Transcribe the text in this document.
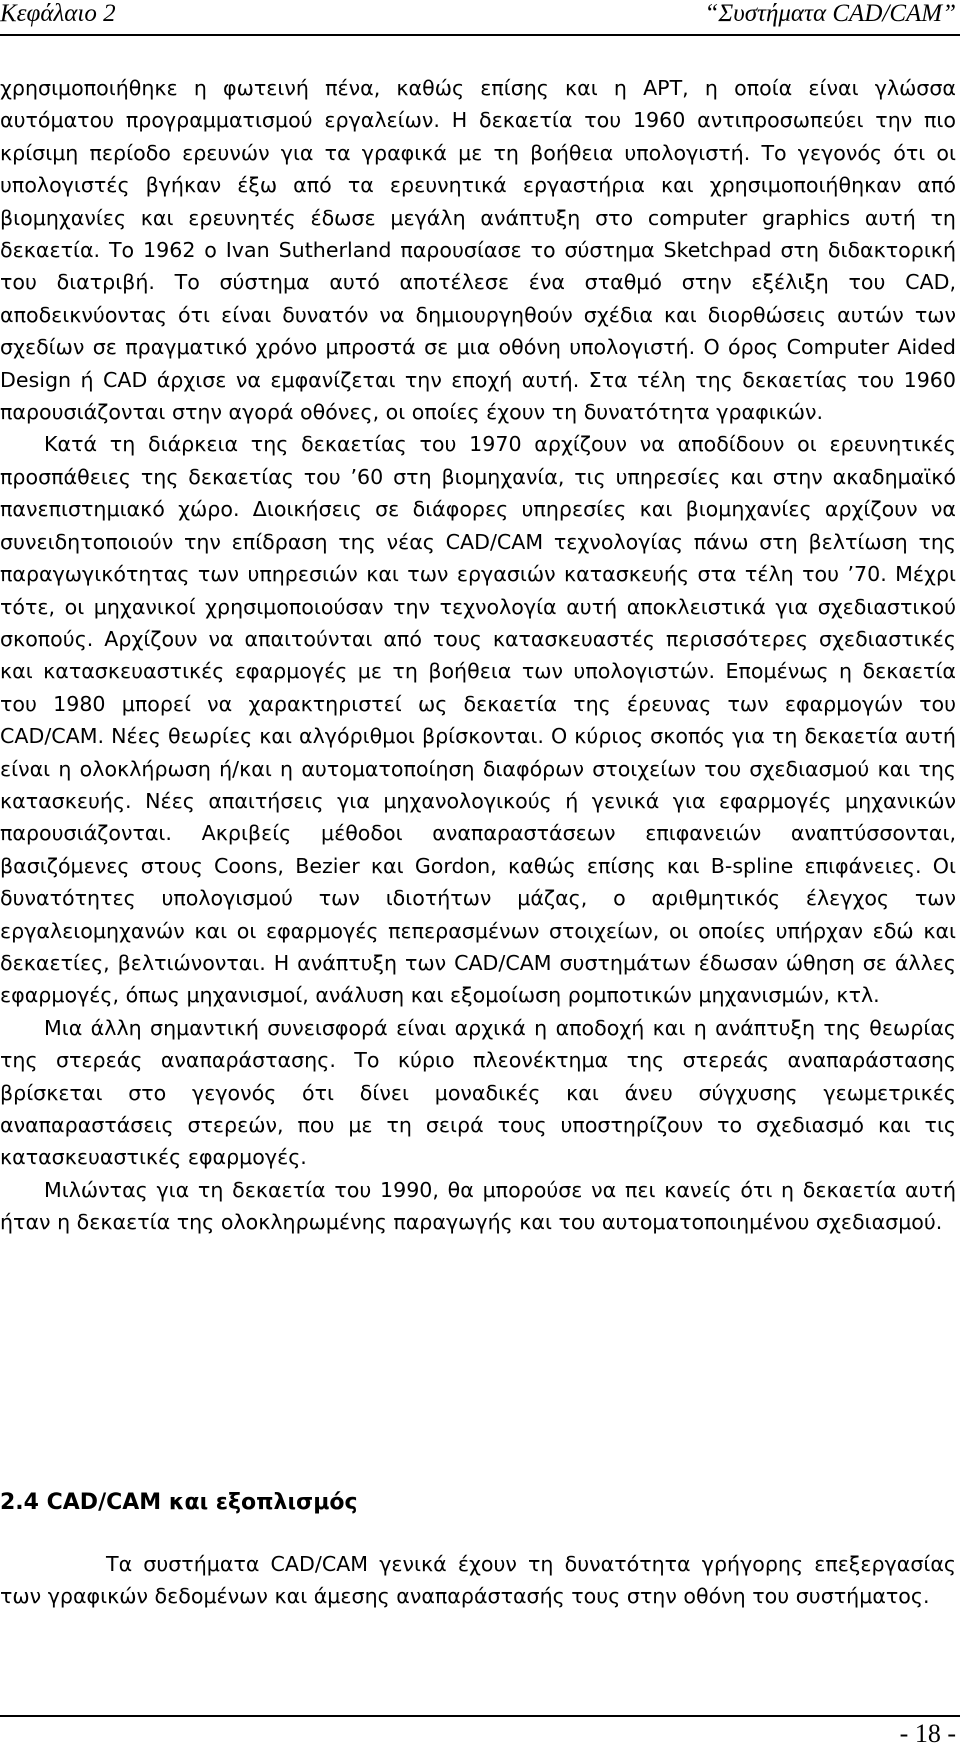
Κεφάλαιο 2	“Συστήματα CAD/CAM”

χρησιμοποιήθηκε η φωτεινή πένα, καθώς επίσης και η APT, η οποία είναι γλώσσα αυτόματου προγραμματισμού εργαλείων. Η δεκαετία του 1960 αντιπροσωπεύει την πιο κρίσιμη περίοδο ερευνών για τα γραφικά με τη βοήθεια υπολογιστή. Το γεγονός ότι οι υπολογιστές βγήκαν έξω από τα ερευνητικά εργαστήρια και χρησιμοποιήθηκαν από βιομηχανίες και ερευνητές έδωσε μεγάλη ανάπτυξη στο computer graphics αυτή τη δεκαετία. Το 1962 ο Ivan Sutherland παρουσίασε το σύστημα Sketchpad στη διδακτορική του διατριβή. Το σύστημα αυτό αποτέλεσε ένα σταθμό στην εξέλιξη του CAD, αποδεικνύοντας ότι είναι δυνατόν να δημιουργηθούν σχέδια και διορθώσεις αυτών των σχεδίων σε πραγματικό χρόνο μπροστά σε μια οθόνη υπολογιστή. Ο όρος Computer Aided Design ή CAD άρχισε να εμφανίζεται την εποχή αυτή. Στα τέλη της δεκαετίας του 1960 παρουσιάζονται στην αγορά οθόνες, οι οποίες έχουν τη δυνατότητα γραφικών.

Κατά τη διάρκεια της δεκαετίας του 1970 αρχίζουν να αποδίδουν οι ερευνητικές προσπάθειες της δεκαετίας του ’60 στη βιομηχανία, τις υπηρεσίες και στην ακαδημαϊκό πανεπιστημιακό χώρο. Διοικήσεις σε διάφορες υπηρεσίες και βιομηχανίες αρχίζουν να συνειδητοποιούν την επίδραση της νέας CAD/CAM τεχνολογίας πάνω στη βελτίωση της παραγωγικότητας των υπηρεσιών και των εργασιών κατασκευής στα τέλη του ’70. Μέχρι τότε, οι μηχανικοί χρησιμοποιούσαν την τεχνολογία αυτή αποκλειστικά για σχεδιαστικού σκοπούς. Αρχίζουν να απαιτούνται από τους κατασκευαστές περισσότερες σχεδιαστικές και κατασκευαστικές εφαρμογές με τη βοήθεια των υπολογιστών. Επομένως η δεκαετία του 1980 μπορεί να χαρακτηριστεί ως δεκαετία της έρευνας των εφαρμογών του CAD/CAM. Νέες θεωρίες και αλγόριθμοι βρίσκονται. Ο κύριος σκοπός για τη δεκαετία αυτή είναι η ολοκλήρωση ή/και η αυτοματοποίηση διαφόρων στοιχείων του σχεδιασμού και της κατασκευής. Νέες απαιτήσεις για μηχανολογικούς ή γενικά για εφαρμογές μηχανικών παρουσιάζονται. Ακριβείς μέθοδοι αναπαραστάσεων επιφανειών αναπτύσσονται, βασιζόμενες στους Coons, Bezier και Gordon, καθώς επίσης και B-spline επιφάνειες. Οι δυνατότητες υπολογισμού των ιδιοτήτων μάζας, ο αριθμητικός έλεγχος των εργαλειομηχανών και οι εφαρμογές πεπερασμένων στοιχείων, οι οποίες υπήρχαν εδώ και δεκαετίες, βελτιώνονται. Η ανάπτυξη των CAD/CAM συστημάτων έδωσαν ώθηση σε άλλες εφαρμογές, όπως μηχανισμοί, ανάλυση και εξομοίωση ρομποτικών μηχανισμών, κτλ.

Μια άλλη σημαντική συνεισφορά είναι αρχικά η αποδοχή και η ανάπτυξη της θεωρίας της στερεάς αναπαράστασης. Το κύριο πλεονέκτημα της στερεάς αναπαράστασης βρίσκεται στο γεγονός ότι δίνει μοναδικές και άνευ σύγχυσης γεωμετρικές αναπαραστάσεις στερεών, που με τη σειρά τους υποστηρίζουν το σχεδιασμό και τις κατασκευαστικές εφαρμογές.

Μιλώντας για τη δεκαετία του 1990, θα μπορούσε να πει κανείς ότι η δεκαετία αυτή ήταν η δεκαετία της ολοκληρωμένης παραγωγής και του αυτοματοποιημένου σχεδιασμού.

2.4 CAD/CAM και εξοπλισμός

Τα συστήματα CAD/CAM γενικά έχουν τη δυνατότητα γρήγορης επεξεργασίας των γραφικών δεδομένων και άμεσης αναπαράστασής τους στην οθόνη του συστήματος.

- 18 -
